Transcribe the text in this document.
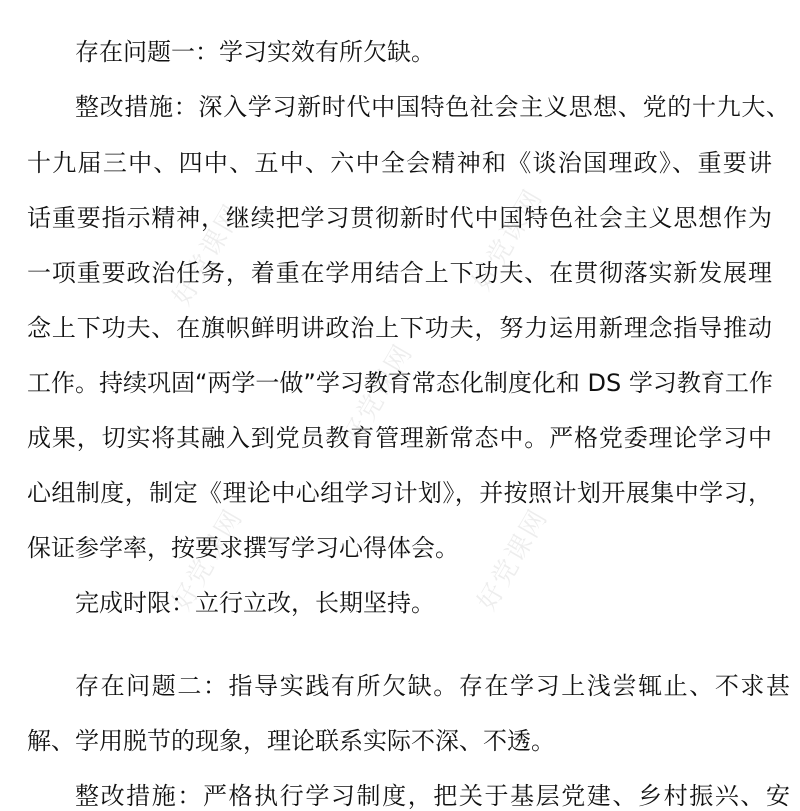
存在问题一：学习实效有所欠缺。
整改措施：深入学习新时代中国特色社会主义思想、党的十九大、
十九届三中、四中、五中、六中全会精神和《谈治国理政》、重要讲
话重要指示精神，继续把学习贯彻新时代中国特色社会主义思想作为
一项重要政治任务，着重在学用结合上下功夫、在贯彻落实新发展理
念上下功夫、在旗帜鲜明讲政治上下功夫，努力运用新理念指导推动
工作。持续巩固“两学一做”学习教育常态化制度化和 DS 学习教育工作
成果，切实将其融入到党员教育管理新常态中。严格党委理论学习中
心组制度，制定《理论中心组学习计划》，并按照计划开展集中学习，
保证参学率，按要求撰写学习心得体会。
完成时限：立行立改，长期坚持。
存在问题二：指导实践有所欠缺。存在学习上浅尝辄止、不求甚
解、学用脱节的现象，理论联系实际不深、不透。
整改措施：严格执行学习制度，把关于基层党建、乡村振兴、安
好党课网	好党课网
好党课网
好党课网	好党课网
